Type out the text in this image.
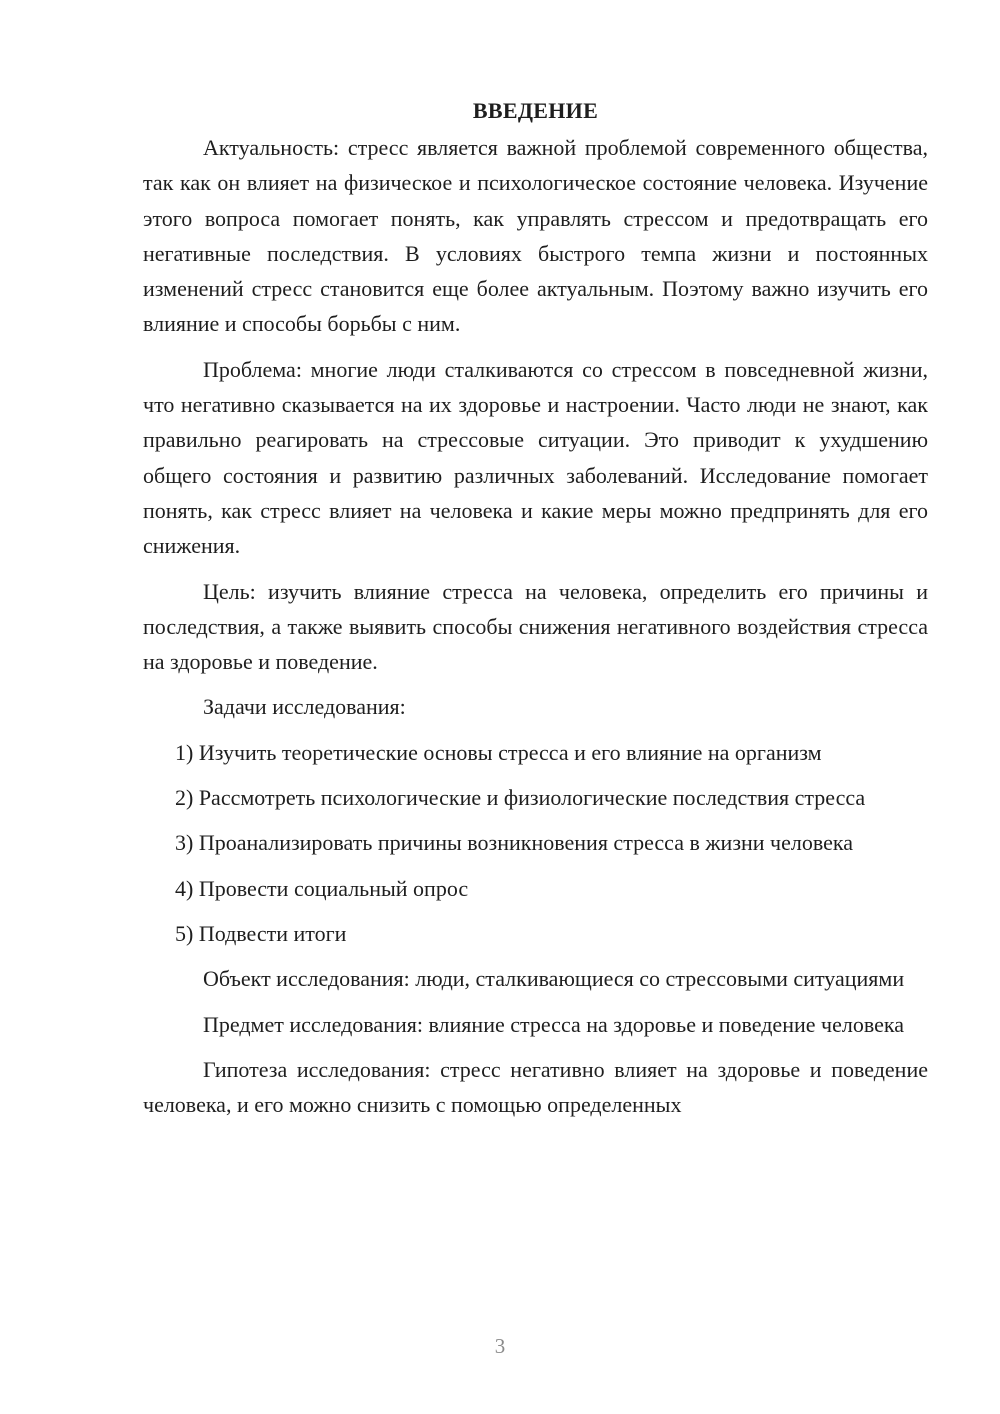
ВВЕДЕНИЕ

Актуальность: стресс является важной проблемой современного общества, так как он влияет на физическое и психологическое состояние человека. Изучение этого вопроса помогает понять, как управлять стрессом и предотвращать его негативные последствия. В условиях быстрого темпа жизни и постоянных изменений стресс становится еще более актуальным. Поэтому важно изучить его влияние и способы борьбы с ним.

Проблема: многие люди сталкиваются со стрессом в повседневной жизни, что негативно сказывается на их здоровье и настроении. Часто люди не знают, как правильно реагировать на стрессовые ситуации. Это приводит к ухудшению общего состояния и развитию различных заболеваний. Исследование помогает понять, как стресс влияет на человека и какие меры можно предпринять для его снижения.

Цель: изучить влияние стресса на человека, определить его причины и последствия, а также выявить способы снижения негативного воздействия стресса на здоровье и поведение.

Задачи исследования:

1) Изучить теоретические основы стресса и его влияние на организм

2) Рассмотреть психологические и физиологические последствия стресса

3) Проанализировать причины возникновения стресса в жизни человека

4) Провести социальный опрос

5) Подвести итоги

Объект исследования: люди, сталкивающиеся со стрессовыми ситуациями

Предмет исследования: влияние стресса на здоровье и поведение человека

Гипотеза исследования: стресс негативно влияет на здоровье и поведение человека, и его можно снизить с помощью определенных

3
